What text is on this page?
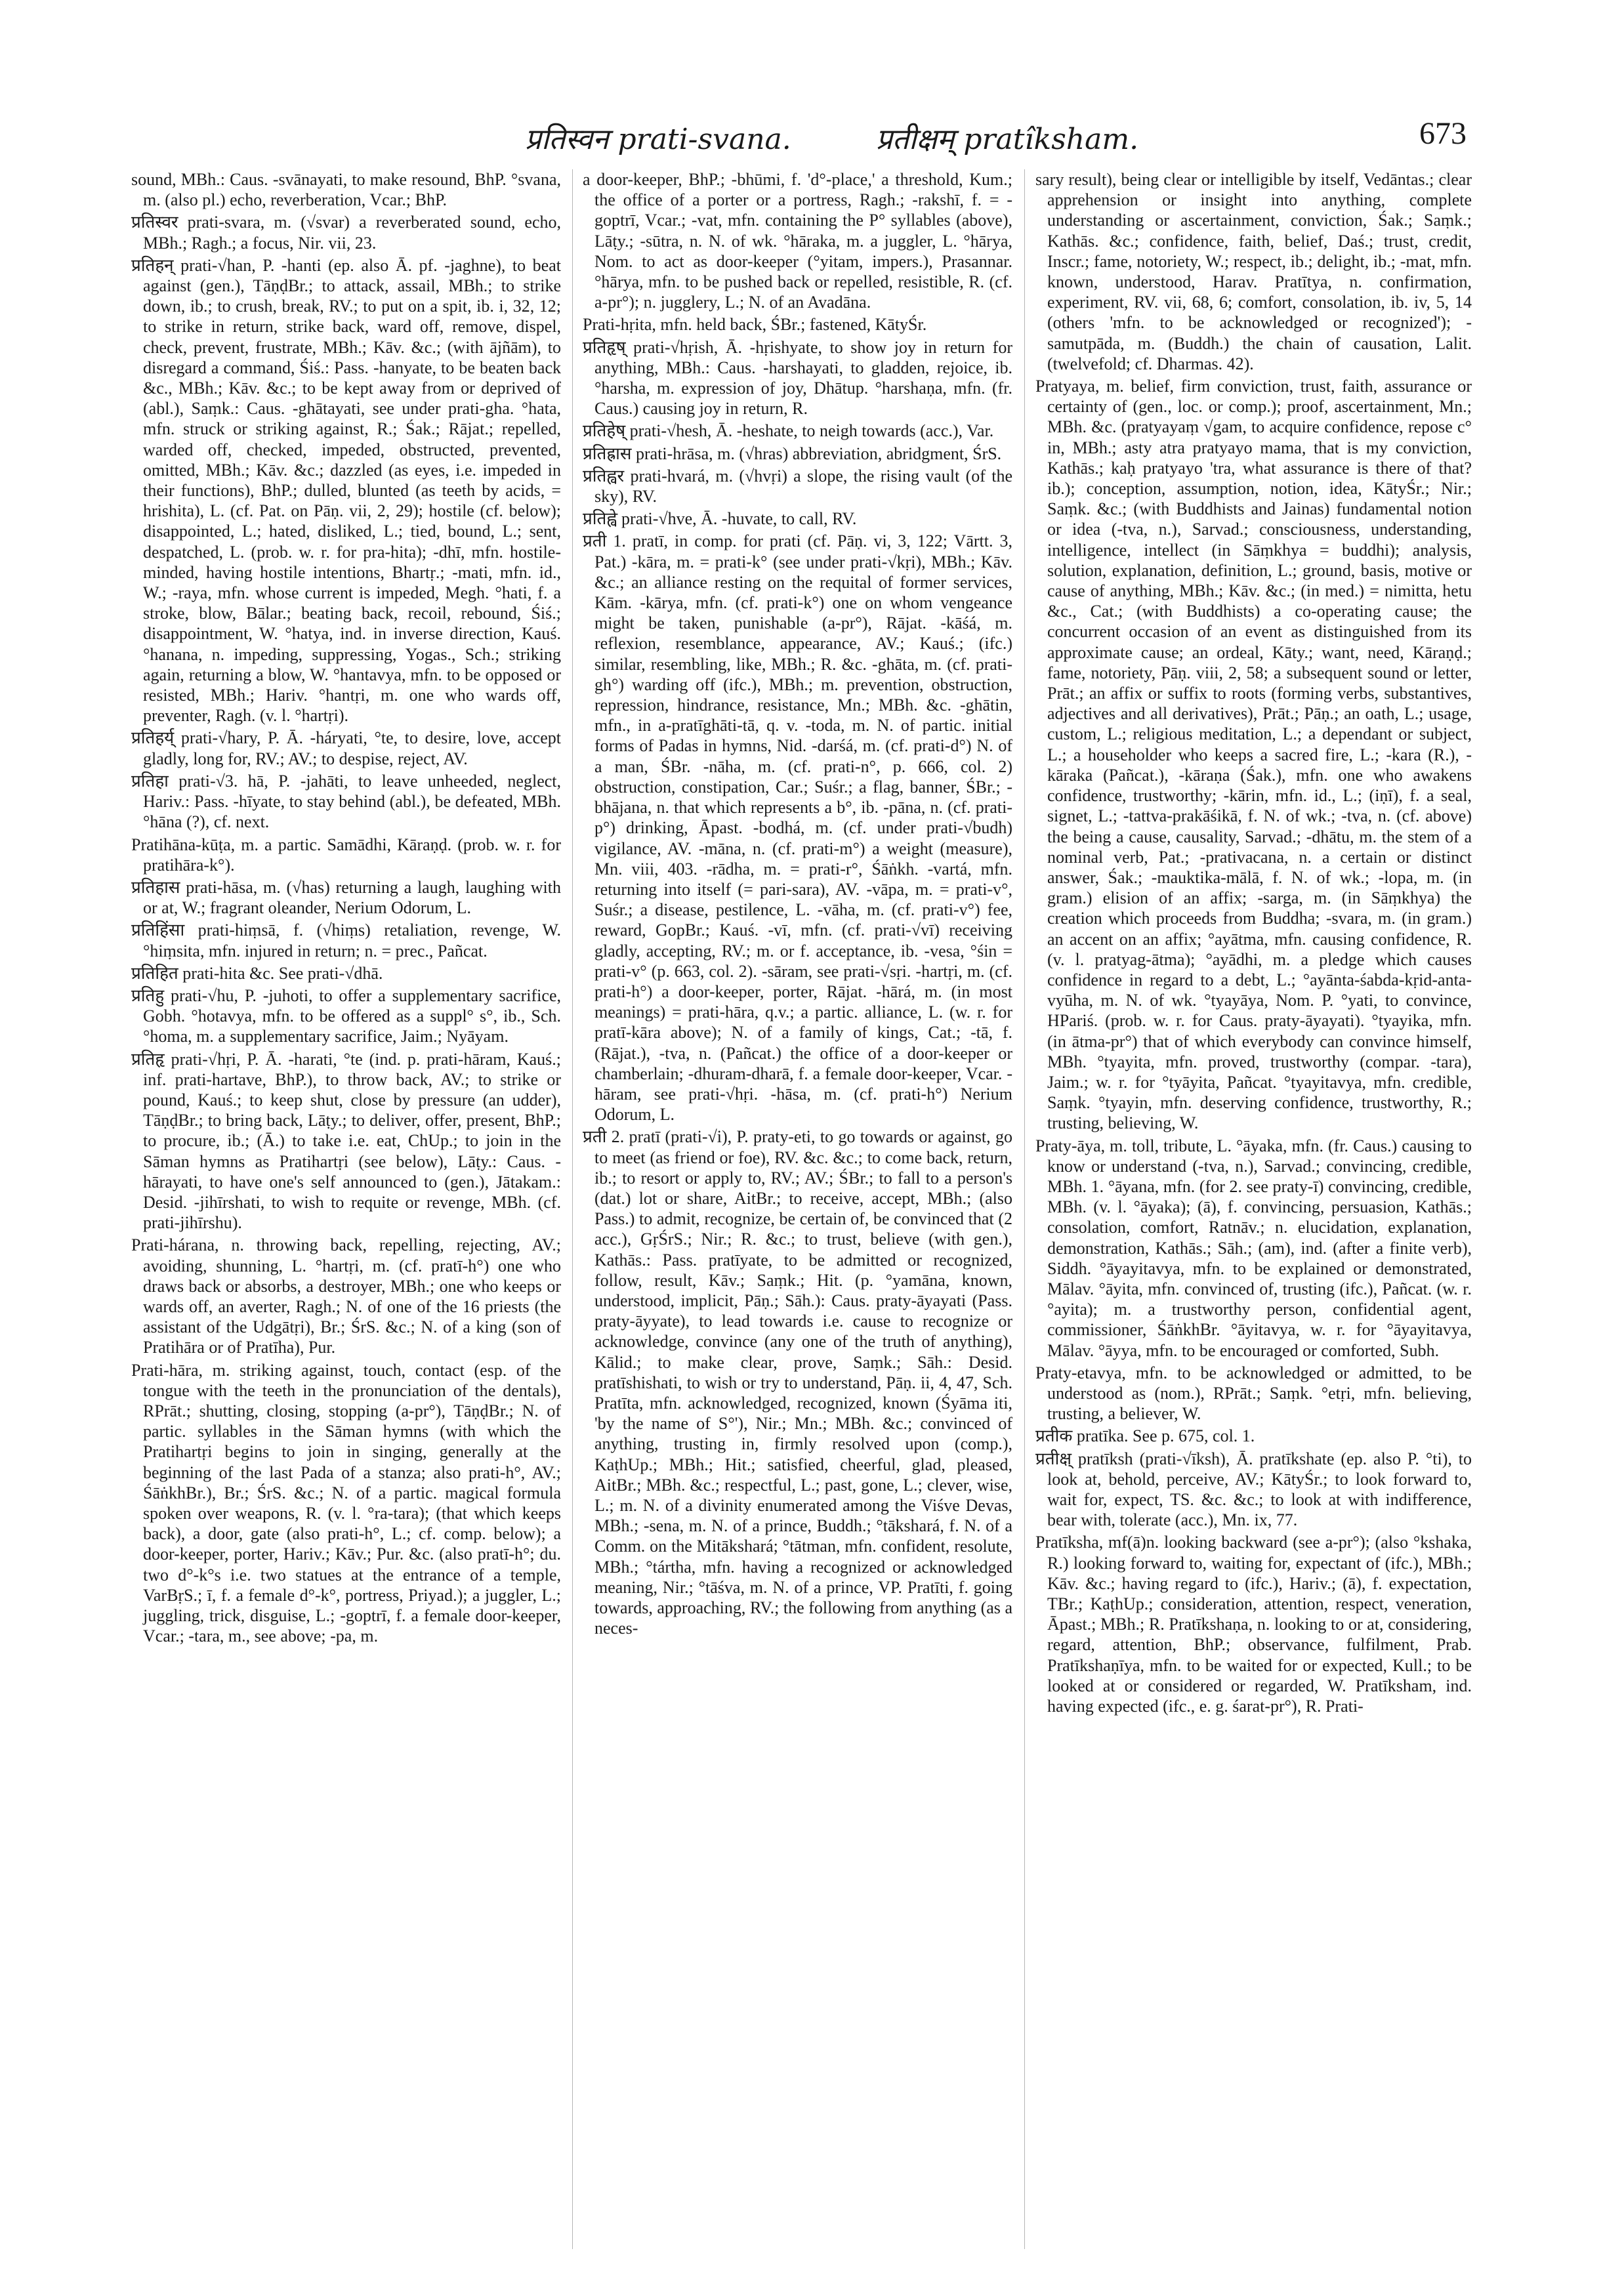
प्रतिस्वन prati-svana.	प्रतीक्षम् pratîksham.	673

sound, MBh.: Caus. -svānayati, to make resound, BhP. °svana, m. (also pl.) echo, reverberation, Vcar.; BhP.

प्रतिस्वर prati-svara, m. (√svar) a reverberated sound, echo, MBh.; Ragh.; a focus, Nir. vii, 23.

प्रतिहन् prati-√han, P. -hanti (ep. also Ā. pf. -jaghne), to beat against (gen.), TāṇḍBr.; to attack, assail, MBh.; to strike down, ib.; to crush, break, RV.; to put on a spit, ib. i, 32, 12; to strike in return, strike back, ward off, remove, dispel, check, prevent, frustrate, MBh.; Kāv. &c.; (with ājñām), to disregard a command, Śiś.: Pass. -hanyate, to be beaten back &c., MBh.; Kāv. &c.; to be kept away from or deprived of (abl.), Saṃk.: Caus. -ghātayati, see under prati-gha. °hata, mfn. struck or striking against, R.; Śak.; Rājat.; repelled, warded off, checked, impeded, obstructed, prevented, omitted, MBh.; Kāv. &c.; dazzled (as eyes, i.e. impeded in their functions), BhP.; dulled, blunted (as teeth by acids, = hrishita), L. (cf. Pat. on Pāṇ. vii, 2, 29); hostile (cf. below); disappointed, L.; hated, disliked, L.; tied, bound, L.; sent, despatched, L. (prob. w. r. for pra-hita); -dhī, mfn. hostile-minded, having hostile intentions, Bhartṛ.; -mati, mfn. id., W.; -raya, mfn. whose current is impeded, Megh. °hati, f. a stroke, blow, Bālar.; beating back, recoil, rebound, Śiś.; disappointment, W. °hatya, ind. in inverse direction, Kauś. °hanana, n. impeding, suppressing, Yogas., Sch.; striking again, returning a blow, W. °hantavya, mfn. to be opposed or resisted, MBh.; Hariv. °hantṛi, m. one who wards off, preventer, Ragh. (v. l. °hartṛi).

प्रतिहर्य् prati-√hary, P. Ā. -háryati, °te, to desire, love, accept gladly, long for, RV.; AV.; to despise, reject, AV.

प्रतिहा prati-√3. hā, P. -jahāti, to leave unheeded, neglect, Hariv.: Pass. -hīyate, to stay behind (abl.), be defeated, MBh. °hāna (?), cf. next.

Pratihāna-kūṭa, m. a partic. Samādhi, Kāraṇḍ. (prob. w. r. for pratihāra-k°).

प्रतिहास prati-hāsa, m. (√has) returning a laugh, laughing with or at, W.; fragrant oleander, Nerium Odorum, L.

प्रतिहिंसा prati-hiṃsā, f. (√hiṃs) retaliation, revenge, W. °hiṃsita, mfn. injured in return; n. = prec., Pañcat.

प्रतिहित prati-hita &c. See prati-√dhā.

प्रतिहु prati-√hu, P. -juhoti, to offer a supplementary sacrifice, Gobh. °hotavya, mfn. to be offered as a suppl° s°, ib., Sch. °homa, m. a supplementary sacrifice, Jaim.; Nyāyam.

प्रतिहृ prati-√hṛi, P. Ā. -harati, °te (ind. p. prati-hāram, Kauś.; inf. prati-hartave, BhP.), to throw back, AV.; to strike or pound, Kauś.; to keep shut, close by pressure (an udder), TāṇḍBr.; to bring back, Lāṭy.; to deliver, offer, present, BhP.; to procure, ib.; (Ā.) to take i.e. eat, ChUp.; to join in the Sāman hymns as Pratihartṛi (see below), Lāṭy.: Caus. -hārayati, to have one's self announced to (gen.), Jātakam.: Desid. -jihīrshati, to wish to requite or revenge, MBh. (cf. prati-jihīrshu).

Prati-hárana, n. throwing back, repelling, rejecting, AV.; avoiding, shunning, L. °hartṛi, m. (cf. pratī-h°) one who draws back or absorbs, a destroyer, MBh.; one who keeps or wards off, an averter, Ragh.; N. of one of the 16 priests (the assistant of the Udgātṛi), Br.; ŚrS. &c.; N. of a king (son of Pratihāra or of Pratīha), Pur.

Prati-hāra, m. striking against, touch, contact (esp. of the tongue with the teeth in the pronunciation of the dentals), RPrāt.; shutting, closing, stopping (a-pr°), TāṇḍBr.; N. of partic. syllables in the Sāman hymns (with which the Pratihartṛi begins to join in singing, generally at the beginning of the last Pada of a stanza; also prati-h°, AV.; ŚāṅkhBr.), Br.; ŚrS. &c.; N. of a partic. magical formula spoken over weapons, R. (v. l. °ra-tara); (that which keeps back), a door, gate (also prati-h°, L.; cf. comp. below); a door-keeper, porter, Hariv.; Kāv.; Pur. &c. (also pratī-h°; du. two d°-k°s i.e. two statues at the entrance of a temple, VarBṛS.; ī, f. a female d°-k°, portress, Priyad.); a juggler, L.; juggling, trick, disguise, L.; -goptrī, f. a female door-keeper, Vcar.; -tara, m., see above; -pa, m.

a door-keeper, BhP.; -bhūmi, f. 'd°-place,' a threshold, Kum.; the office of a porter or a portress, Ragh.; -rakshī, f. = -goptrī, Vcar.; -vat, mfn. containing the P° syllables (above), Lāṭy.; -sūtra, n. N. of wk. °hāraka, m. a juggler, L. °hārya, Nom. to act as door-keeper (°yitam, impers.), Prasannar. °hārya, mfn. to be pushed back or repelled, resistible, R. (cf. a-pr°); n. jugglery, L.; N. of an Avadāna.

Prati-hṛita, mfn. held back, ŚBr.; fastened, KātyŚr.

प्रतिहृष् prati-√hṛish, Ā. -hṛishyate, to show joy in return for anything, MBh.: Caus. -harshayati, to gladden, rejoice, ib. °harsha, m. expression of joy, Dhātup. °harshaṇa, mfn. (fr. Caus.) causing joy in return, R.

प्रतिहेष् prati-√hesh, Ā. -heshate, to neigh towards (acc.), Var.

प्रतिह्रास prati-hrāsa, m. (√hras) abbreviation, abridgment, ŚrS.

प्रतिह्वर prati-hvará, m. (√hvṛi) a slope, the rising vault (of the sky), RV.

प्रतिह्वे prati-√hve, Ā. -huvate, to call, RV.

प्रती 1. pratī, in comp. for prati (cf. Pāṇ. vi, 3, 122; Vārtt. 3, Pat.) -kāra, m. = prati-k° (see under prati-√kṛi), MBh.; Kāv. &c.; an alliance resting on the requital of former services, Kām. -kārya, mfn. (cf. prati-k°) one on whom vengeance might be taken, punishable (a-pr°), Rājat. -kāśá, m. reflexion, resemblance, appearance, AV.; Kauś.; (ifc.) similar, resembling, like, MBh.; R. &c. -ghāta, m. (cf. prati-gh°) warding off (ifc.), MBh.; m. prevention, obstruction, repression, hindrance, resistance, Mn.; MBh. &c. -ghātin, mfn., in a-pratīghāti-tā, q. v. -toda, m. N. of partic. initial forms of Padas in hymns, Nid. -darśá, m. (cf. prati-d°) N. of a man, ŚBr. -nāha, m. (cf. prati-n°, p. 666, col. 2) obstruction, constipation, Car.; Suśr.; a flag, banner, ŚBr.; -bhājana, n. that which represents a b°, ib. -pāna, n. (cf. prati-p°) drinking, Āpast. -bodhá, m. (cf. under prati-√budh) vigilance, AV. -māna, n. (cf. prati-m°) a weight (measure), Mn. viii, 403. -rādha, m. = prati-r°, Śāṅkh. -vartá, mfn. returning into itself (= pari-sara), AV. -vāpa, m. = prati-v°, Suśr.; a disease, pestilence, L. -vāha, m. (cf. prati-v°) fee, reward, GopBr.; Kauś. -vī, mfn. (cf. prati-√vī) receiving gladly, accepting, RV.; m. or f. acceptance, ib. -vesa, °śin = prati-v° (p. 663, col. 2). -sāram, see prati-√sṛi. -hartṛi, m. (cf. prati-h°) a door-keeper, porter, Rājat. -hārá, m. (in most meanings) = prati-hāra, q.v.; a partic. alliance, L. (w. r. for pratī-kāra above); N. of a family of kings, Cat.; -tā, f. (Rājat.), -tva, n. (Pañcat.) the office of a door-keeper or chamberlain; -dhuram-dharā, f. a female door-keeper, Vcar. -hāram, see prati-√hṛi. -hāsa, m. (cf. prati-h°) Nerium Odorum, L.

प्रती 2. pratī (prati-√i), P. praty-eti, to go towards or against, go to meet (as friend or foe), RV. &c. &c.; to come back, return, ib.; to resort or apply to, RV.; AV.; ŚBr.; to fall to a person's (dat.) lot or share, AitBr.; to receive, accept, MBh.; (also Pass.) to admit, recognize, be certain of, be convinced that (2 acc.), GṛŚrS.; Nir.; R. &c.; to trust, believe (with gen.), Kathās.: Pass. pratīyate, to be admitted or recognized, follow, result, Kāv.; Saṃk.; Hit. (p. °yamāna, known, understood, implicit, Pāṇ.; Sāh.): Caus. praty-āyayati (Pass. praty-āyyate), to lead towards i.e. cause to recognize or acknowledge, convince (any one of the truth of anything), Kālid.; to make clear, prove, Saṃk.; Sāh.: Desid. pratīshishati, to wish or try to understand, Pāṇ. ii, 4, 47, Sch. Pratīta, mfn. acknowledged, recognized, known (Śyāma iti, 'by the name of S°'), Nir.; Mn.; MBh. &c.; convinced of anything, trusting in, firmly resolved upon (comp.), KaṭhUp.; MBh.; Hit.; satisfied, cheerful, glad, pleased, AitBr.; MBh. &c.; respectful, L.; past, gone, L.; clever, wise, L.; m. N. of a divinity enumerated among the Viśve Devas, MBh.; -sena, m. N. of a prince, Buddh.; °tākshará, f. N. of a Comm. on the Mitākshará; °tātman, mfn. confident, resolute, MBh.; °tártha, mfn. having a recognized or acknowledged meaning, Nir.; °tāśva, m. N. of a prince, VP. Pratīti, f. going towards, approaching, RV.; the following from anything (as a neces-

sary result), being clear or intelligible by itself, Vedāntas.; clear apprehension or insight into anything, complete understanding or ascertainment, conviction, Śak.; Saṃk.; Kathās. &c.; confidence, faith, belief, Daś.; trust, credit, Inscr.; fame, notoriety, W.; respect, ib.; delight, ib.; -mat, mfn. known, understood, Harav. Pratītya, n. confirmation, experiment, RV. vii, 68, 6; comfort, consolation, ib. iv, 5, 14 (others 'mfn. to be acknowledged or recognized'); -samutpāda, m. (Buddh.) the chain of causation, Lalit. (twelvefold; cf. Dharmas. 42).

Pratyaya, m. belief, firm conviction, trust, faith, assurance or certainty of (gen., loc. or comp.); proof, ascertainment, Mn.; MBh. &c. (pratyayaṃ √gam, to acquire confidence, repose c° in, MBh.; asty atra pratyayo mama, that is my conviction, Kathās.; kaḥ pratyayo 'tra, what assurance is there of that? ib.); conception, assumption, notion, idea, KātyŚr.; Nir.; Saṃk. &c.; (with Buddhists and Jainas) fundamental notion or idea (-tva, n.), Sarvad.; consciousness, understanding, intelligence, intellect (in Sāṃkhya = buddhi); analysis, solution, explanation, definition, L.; ground, basis, motive or cause of anything, MBh.; Kāv. &c.; (in med.) = nimitta, hetu &c., Cat.; (with Buddhists) a co-operating cause; the concurrent occasion of an event as distinguished from its approximate cause; an ordeal, Kāty.; want, need, Kāraṇḍ.; fame, notoriety, Pāṇ. viii, 2, 58; a subsequent sound or letter, Prāt.; an affix or suffix to roots (forming verbs, substantives, adjectives and all derivatives), Prāt.; Pāṇ.; an oath, L.; usage, custom, L.; religious meditation, L.; a dependant or subject, L.; a householder who keeps a sacred fire, L.; -kara (R.), -kāraka (Pañcat.), -kāraṇa (Śak.), mfn. one who awakens confidence, trustworthy; -kārin, mfn. id., L.; (iṇī), f. a seal, signet, L.; -tattva-prakāśikā, f. N. of wk.; -tva, n. (cf. above) the being a cause, causality, Sarvad.; -dhātu, m. the stem of a nominal verb, Pat.; -prativacana, n. a certain or distinct answer, Śak.; -mauktika-mālā, f. N. of wk.; -lopa, m. (in gram.) elision of an affix; -sarga, m. (in Sāṃkhya) the creation which proceeds from Buddha; -svara, m. (in gram.) an accent on an affix; °ayātma, mfn. causing confidence, R. (v. l. pratyag-ātma); °ayādhi, m. a pledge which causes confidence in regard to a debt, L.; °ayānta-śabda-kṛid-anta-vyūha, m. N. of wk. °tyayāya, Nom. P. °yati, to convince, HPariś. (prob. w. r. for Caus. praty-āyayati). °tyayika, mfn. (in ātma-pr°) that of which everybody can convince himself, MBh. °tyayita, mfn. proved, trustworthy (compar. -tara), Jaim.; w. r. for °tyāyita, Pañcat. °tyayitavya, mfn. credible, Saṃk. °tyayin, mfn. deserving confidence, trustworthy, R.; trusting, believing, W.

Praty-āya, m. toll, tribute, L. °āyaka, mfn. (fr. Caus.) causing to know or understand (-tva, n.), Sarvad.; convincing, credible, MBh. 1. °āyana, mfn. (for 2. see praty-ī) convincing, credible, MBh. (v. l. °āyaka); (ā), f. convincing, persuasion, Kathās.; consolation, comfort, Ratnāv.; n. elucidation, explanation, demonstration, Kathās.; Sāh.; (am), ind. (after a finite verb), Siddh. °āyayitavya, mfn. to be explained or demonstrated, Mālav. °āyita, mfn. convinced of, trusting (ifc.), Pañcat. (w. r. °ayita); m. a trustworthy person, confidential agent, commissioner, ŚāṅkhBr. °āyitavya, w. r. for °āyayitavya, Mālav. °āyya, mfn. to be encouraged or comforted, Subh.

Praty-etavya, mfn. to be acknowledged or admitted, to be understood as (nom.), RPrāt.; Saṃk. °etṛi, mfn. believing, trusting, a believer, W.

प्रतीक pratīka. See p. 675, col. 1.

प्रतीक्ष् pratīksh (prati-√īksh), Ā. pratīkshate (ep. also P. °ti), to look at, behold, perceive, AV.; KātyŚr.; to look forward to, wait for, expect, TS. &c. &c.; to look at with indifference, bear with, tolerate (acc.), Mn. ix, 77.

Pratīksha, mf(ā)n. looking backward (see a-pr°); (also °kshaka, R.) looking forward to, waiting for, expectant of (ifc.), MBh.; Kāv. &c.; having regard to (ifc.), Hariv.; (ā), f. expectation, TBr.; KaṭhUp.; consideration, attention, respect, veneration, Āpast.; MBh.; R. Pratīkshaṇa, n. looking to or at, considering, regard, attention, BhP.; observance, fulfilment, Prab. Pratīkshaṇīya, mfn. to be waited for or expected, Kull.; to be looked at or considered or regarded, W. Pratīksham, ind. having expected (ifc., e. g. śarat-pr°), R. Prati-
